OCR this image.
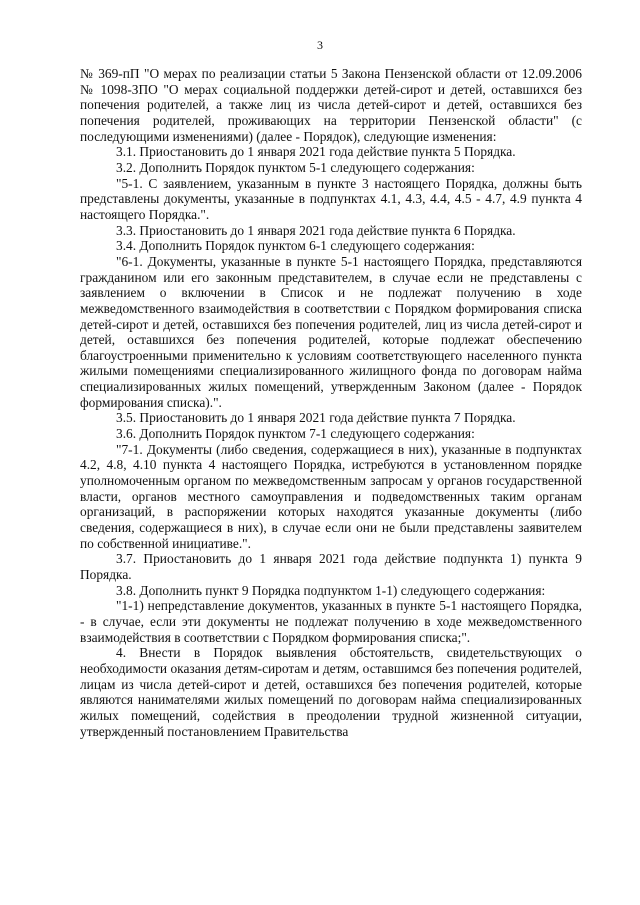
3

№ 369-пП "О мерах по реализации статьи 5 Закона Пензенской области от 12.09.2006 № 1098-ЗПО "О мерах социальной поддержки детей-сирот и детей, оставшихся без попечения родителей, а также лиц из числа детей-сирот и детей, оставшихся без попечения родителей, проживающих на территории Пензенской области" (с последующими изменениями) (далее - Порядок), следующие изменения:

3.1. Приостановить до 1 января 2021 года действие пункта 5 Порядка.

3.2. Дополнить Порядок пунктом 5-1 следующего содержания:

"5-1. С заявлением, указанным в пункте 3 настоящего Порядка, должны быть представлены документы, указанные в подпунктах 4.1, 4.3, 4.4, 4.5 - 4.7, 4.9 пункта 4 настоящего Порядка.".

3.3. Приостановить до 1 января 2021 года действие пункта 6 Порядка.

3.4. Дополнить Порядок пунктом 6-1 следующего содержания:

"6-1. Документы, указанные в пункте 5-1 настоящего Порядка, представляются гражданином или его законным представителем, в случае если не представлены с заявлением о включении в Список и не подлежат получению в ходе межведомственного взаимодействия в соответствии с Порядком формирования списка детей-сирот и детей, оставшихся без попечения родителей, лиц из числа детей-сирот и детей, оставшихся без попечения родителей, которые подлежат обеспечению благоустроенными применительно к условиям соответствующего населенного пункта жилыми помещениями специализированного жилищного фонда по договорам найма специализированных жилых помещений, утвержденным Законом (далее - Порядок формирования списка).".

3.5. Приостановить до 1 января 2021 года действие пункта 7 Порядка.

3.6. Дополнить Порядок пунктом 7-1 следующего содержания:

"7-1. Документы (либо сведения, содержащиеся в них), указанные в подпунктах 4.2, 4.8, 4.10 пункта 4 настоящего Порядка, истребуются в установленном порядке уполномоченным органом по межведомственным запросам у органов государственной власти, органов местного самоуправления и подведомственных таким органам организаций, в распоряжении которых находятся указанные документы (либо сведения, содержащиеся в них), в случае если они не были представлены заявителем по собственной инициативе.".

3.7. Приостановить до 1 января 2021 года действие подпункта 1) пункта 9 Порядка.

3.8. Дополнить пункт 9 Порядка подпунктом 1-1) следующего содержания:

"1-1) непредставление документов, указанных в пункте 5-1 настоящего Порядка, - в случае, если эти документы не подлежат получению в ходе межведомственного взаимодействия в соответствии с Порядком формирования списка;".

4. Внести в Порядок выявления обстоятельств, свидетельствующих о необходимости оказания детям-сиротам и детям, оставшимся без попечения родителей, лицам из числа детей-сирот и детей, оставшихся без попечения родителей, которые являются нанимателями жилых помещений по договорам найма специализированных жилых помещений, содействия в преодолении трудной жизненной ситуации, утвержденный постановлением Правительства
